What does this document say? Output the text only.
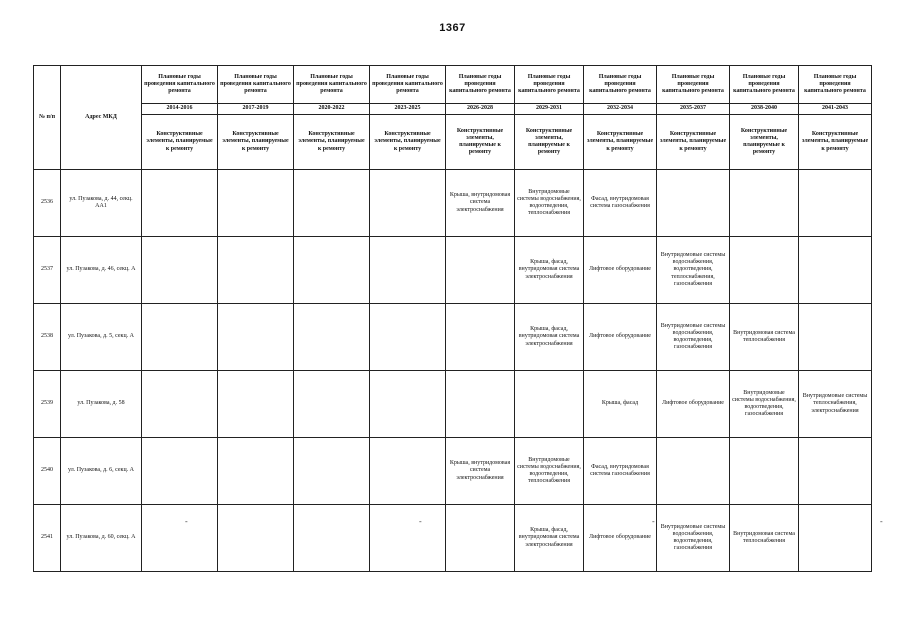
1367
№ п/п	Адрес МКД	Плановые годы проведения капитального ремонта	Плановые годы проведения капитального ремонта	Плановые годы проведения капитального ремонта	Плановые годы проведения капитального ремонта	Плановые годы проведения капитального ремонта	Плановые годы проведения капитального ремонта	Плановые годы проведения капитального ремонта	Плановые годы проведения капитального ремонта	Плановые годы проведения капитального ремонта	Плановые годы проведения капитального ремонта
		2014-2016	2017-2019	2020-2022	2023-2025	2026-2028	2029-2031	2032-2034	2035-2037	2038-2040	2041-2043
		Конструктивные элементы, планируемые к ремонту	Конструктивные элементы, планируемые к ремонту	Конструктивные элементы, планируемые к ремонту	Конструктивные элементы, планируемые к ремонту	Конструктивные элементы, планируемые к ремонту	Конструктивные элементы, планируемые к ремонту	Конструктивные элементы, планируемые к ремонту	Конструктивные элементы, планируемые к ремонту	Конструктивные элементы, планируемые к ремонту	Конструктивные элементы, планируемые к ремонту
2536	ул. Пузакова, д. 44, секц. АА1					Крыша, внутридомовая система электроснабжения	Внутридомовые системы водоснабжения, водоотведения, теплоснабжения	Фасад, внутридомовая система газоснабжения			
2537	ул. Пузакова, д. 46, секц. А						Крыша, фасад, внутридомовая система электроснабжения	Лифтовое оборудование	Внутридомовые системы водоснабжения, водоотведения, теплоснабжения, газоснабжения		
2538	ул. Пузакова, д. 5, секц. А						Крыша, фасад, внутридомовая система электроснабжения	Лифтовое оборудование	Внутридомовые системы водоснабжения, водоотведения, газоснабжения	Внутридомовая система теплоснабжения	
2539	ул. Пузакова, д. 58							Крыша, фасад	Лифтовое оборудование	Внутридомовые системы водоснабжения, водоотведения, газоснабжения	Внутридомовые системы теплоснабжения, электроснабжения
2540	ул. Пузакова, д. 6, секц. А					Крыша, внутридомовая система электроснабжения	Внутридомовые системы водоснабжения, водоотведения, теплоснабжения	Фасад, внутридомовая система газоснабжения			
2541	ул. Пузакова, д. 60, секц. А						Крыша, фасад, внутридомовая система электроснабжения	Лифтовое оборудование	Внутридомовые системы водоснабжения, водоотведения, газоснабжения	Внутридомовая система теплоснабжения	
-	-	-	-
